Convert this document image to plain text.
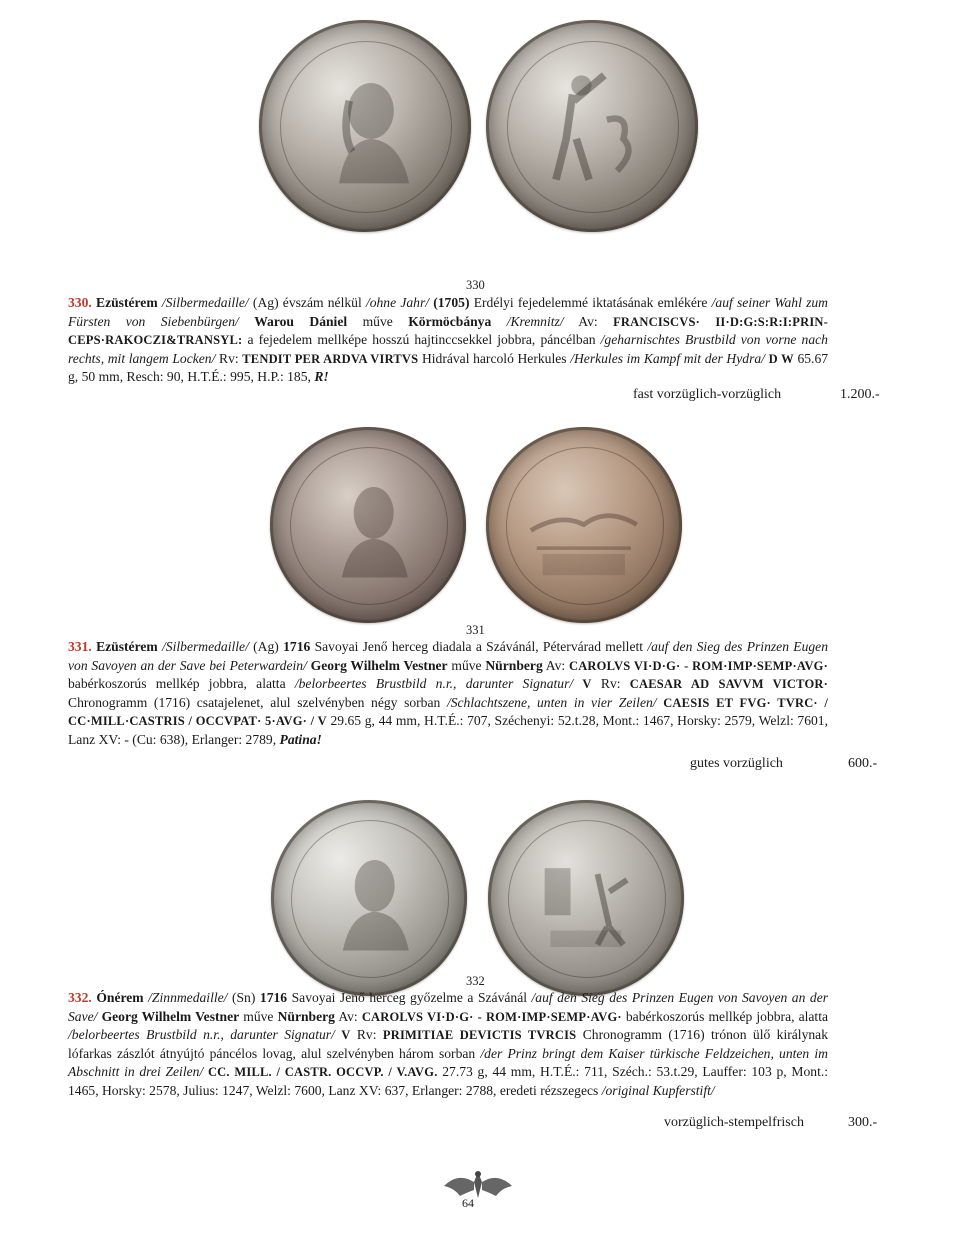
330
330. Ezüstérem /Silbermedaille/ (Ag) évszám nélkül /ohne Jahr/ (1705) Erdélyi fejedelemmé iktatásának emlékére /auf seiner Wahl zum Fürsten von Siebenbürgen/ Warou Dániel műve Körmöcbánya /Kremnitz/ Av: FRANCISCVS· II·D:G:S:R:I:PRIN-CEPS·RAKOCZI&TRANSYL: a fejedelem mellképe hosszú hajtinccsekkel jobbra, páncélban /geharnischtes Brustbild von vorne nach rechts, mit langem Locken/ Rv: TENDIT PER ARDVA VIRTVS Hidrával harcoló Herkules /Herkules im Kampf mit der Hydra/ D W 65.67 g, 50 mm, Resch: 90, H.T.É.: 995, H.P.: 185, R!
fast vorzüglich-vorzüglich	1.200.-
331
331. Ezüstérem /Silbermedaille/ (Ag) 1716 Savoyai Jenő herceg diadala a Szávánál, Pétervárad mellett /auf den Sieg des Prinzen Eugen von Savoyen an der Save bei Peterwardein/ Georg Wilhelm Vestner műve Nürnberg Av: CAROLVS VI·D·G· - ROM·IMP·SEMP·AVG· babérkoszorús mellkép jobbra, alatta /belorbeertes Brustbild n.r., darunter Signatur/ V Rv: CAESAR AD SAVVM VICTOR· Chronogramm (1716) csatajelenet, alul szelvényben négy sorban /Schlachtszene, unten in vier Zeilen/ CAESIS ET FVG· TVRC· / CC·MILL·CASTRIS / OCCVPAT· 5·AVG· / V 29.65 g, 44 mm, H.T.É.: 707, Széchenyi: 52.t.28, Mont.: 1467, Horsky: 2579, Welzl: 7601, Lanz XV: - (Cu: 638), Erlanger: 2789, Patina!
gutes vorzüglich	600.-
332
332. Ónérem /Zinnmedaille/ (Sn) 1716 Savoyai Jenő herceg győzelme a Szávánál /auf den Sieg des Prinzen Eugen von Savoyen an der Save/ Georg Wilhelm Vestner műve Nürnberg Av: CAROLVS VI·D·G· - ROM·IMP·SEMP·AVG· babérkoszorús mellkép jobbra, alatta /belorbeertes Brustbild n.r., darunter Signatur/ V Rv: PRIMITIAE DEVICTIS TVRCIS Chronogramm (1716) trónon ülő királynak lófarkas zászlót átnyújtó páncélos lovag, alul szelvényben három sorban /der Prinz bringt dem Kaiser türkische Feldzeichen, unten im Abschnitt in drei Zeilen/ CC. MILL. / CASTR. OCCVP. / V.AVG. 27.73 g, 44 mm, H.T.É.: 711, Széch.: 53.t.29, Lauffer: 103 p, Mont.: 1465, Horsky: 2578, Julius: 1247, Welzl: 7600, Lanz XV: 637, Erlanger: 2788, eredeti rézszegecs /original Kupferstift/
vorzüglich-stempelfrisch	300.-
64
